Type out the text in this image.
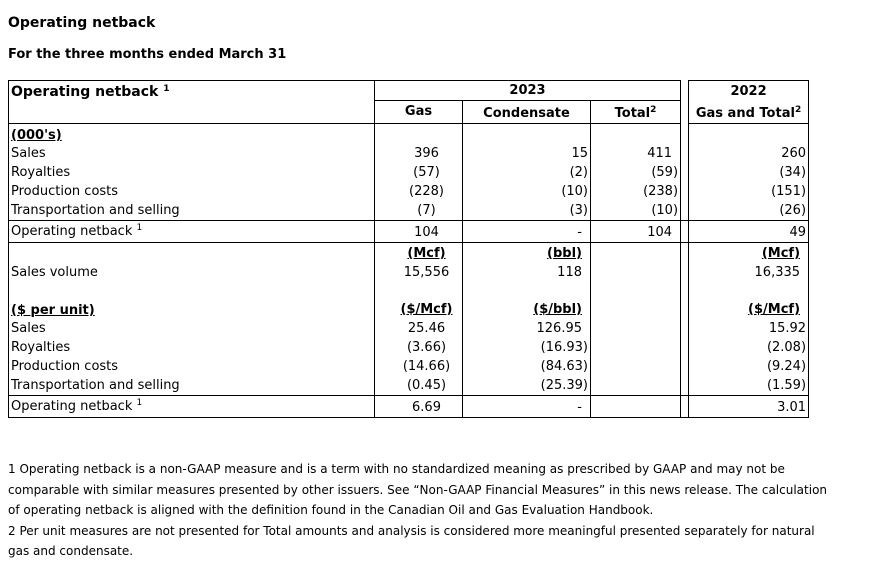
Operating netback
For the three months ended March 31
Operating netback $^1$	2023				2022
	Gas	Condensate	Total$^2$		Gas and Total$^2$
(000's)					
Sales	396	15	411		260
Royalties	(57)	(2)	(59)		(34)
Production costs	(228)	(10)	(238)		(151)
Transportation and selling	(7)	(3)	(10)		(26)
Operating netback $^1$	104	-	104		49
	(Mcf)	(bbl)			(Mcf)
Sales volume	15,556	118			16,335
($ per unit)	($/Mcf)	($/bbl)			($/Mcf)
Sales	25.46	126.95			15.92
Royalties	(3.66)	(16.93)			(2.08)
Production costs	(14.66)	(84.63)			(9.24)
Transportation and selling	(0.45)	(25.39)			(1.59)
Operating netback $^1$	6.69	-			3.01
1 Operating netback is a non-GAAP measure and is a term with no standardized meaning as prescribed by GAAP and may not be comparable with similar measures presented by other issuers. See “Non-GAAP Financial Measures” in this news release. The calculation of operating netback is aligned with the definition found in the Canadian Oil and Gas Evaluation Handbook.
2 Per unit measures are not presented for Total amounts and analysis is considered more meaningful presented separately for natural gas and condensate.
